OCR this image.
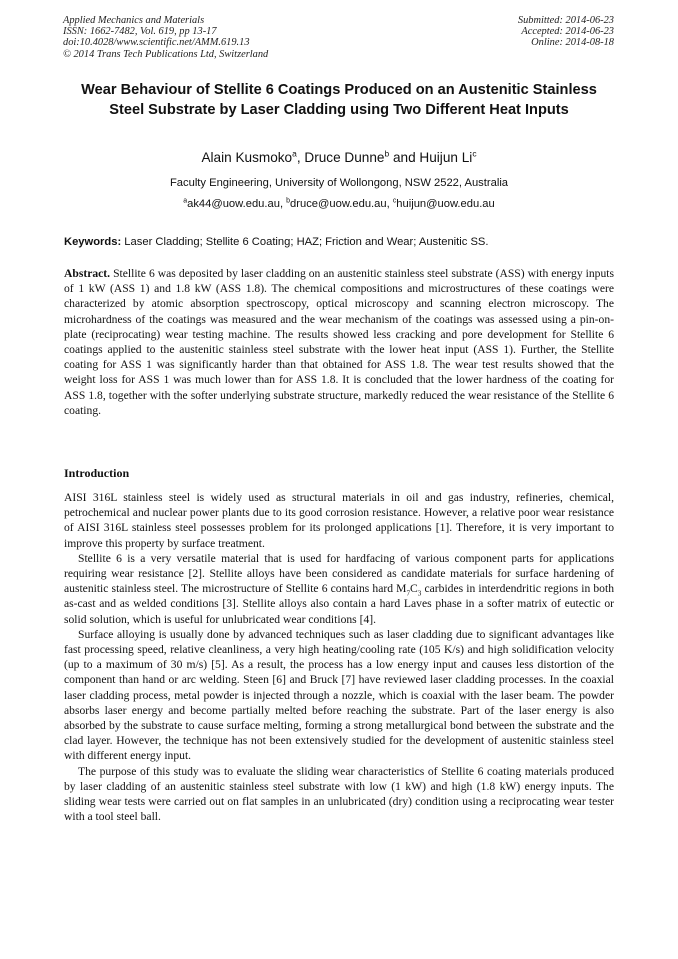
Applied Mechanics and Materials
ISSN: 1662-7482, Vol. 619, pp 13-17
doi:10.4028/www.scientific.net/AMM.619.13
© 2014 Trans Tech Publications Ltd, Switzerland
Submitted: 2014-06-23
Accepted: 2014-06-23
Online: 2014-08-18
Wear Behaviour of Stellite 6 Coatings Produced on an Austenitic Stainless Steel Substrate by Laser Cladding using Two Different Heat Inputs
Alain Kusmoko$^a$, Druce Dunne$^b$ and Huijun Li$^c$
Faculty Engineering, University of Wollongong, NSW 2522, Australia
$^a$ak44@uow.edu.au, $^b$druce@uow.edu.au, $^c$huijun@uow.edu.au
Keywords: Laser Cladding; Stellite 6 Coating; HAZ; Friction and Wear; Austenitic SS.

Abstract. Stellite 6 was deposited by laser cladding on an austenitic stainless steel substrate (ASS) with energy inputs of 1 kW (ASS 1) and 1.8 kW (ASS 1.8). The chemical compositions and microstructures of these coatings were characterized by atomic absorption spectroscopy, optical microscopy and scanning electron microscopy. The microhardness of the coatings was measured and the wear mechanism of the coatings was assessed using a pin-on-plate (reciprocating) wear testing machine. The results showed less cracking and pore development for Stellite 6 coatings applied to the austenitic stainless steel substrate with the lower heat input (ASS 1). Further, the Stellite coating for ASS 1 was significantly harder than that obtained for ASS 1.8. The wear test results showed that the weight loss for ASS 1 was much lower than for ASS 1.8. It is concluded that the lower hardness of the coating for ASS 1.8, together with the softer underlying substrate structure, markedly reduced the wear resistance of the Stellite 6 coating.

Introduction

AISI 316L stainless steel is widely used as structural materials in oil and gas industry, refineries, chemical, petrochemical and nuclear power plants due to its good corrosion resistance. However, a relative poor wear resistance of AISI 316L stainless steel possesses problem for its prolonged applications [1]. Therefore, it is very important to improve this property by surface treatment.

Stellite 6 is a very versatile material that is used for hardfacing of various component parts for applications requiring wear resistance [2]. Stellite alloys have been considered as candidate materials for surface hardening of austenitic stainless steel. The microstructure of Stellite 6 contains hard $M_7C_3$ carbides in interdendritic regions in both as-cast and as welded conditions [3]. Stellite alloys also contain a hard Laves phase in a softer matrix of eutectic or solid solution, which is useful for unlubricated wear conditions [4].

Surface alloying is usually done by advanced techniques such as laser cladding due to significant advantages like fast processing speed, relative cleanliness, a very high heating/cooling rate (105 K/s) and high solidification velocity (up to a maximum of 30 m/s) [5]. As a result, the process has a low energy input and causes less distortion of the component than hand or arc welding. Steen [6] and Bruck [7] have reviewed laser cladding processes. In the coaxial laser cladding process, metal powder is injected through a nozzle, which is coaxial with the laser beam. The powder absorbs laser energy and become partially melted before reaching the substrate. Part of the laser energy is also absorbed by the substrate to cause surface melting, forming a strong metallurgical bond between the substrate and the clad layer. However, the technique has not been extensively studied for the development of austenitic stainless steel with different energy input.

The purpose of this study was to evaluate the sliding wear characteristics of Stellite 6 coating materials produced by laser cladding of an austenitic stainless steel substrate with low (1 kW) and high (1.8 kW) energy inputs. The sliding wear tests were carried out on flat samples in an unlubricated (dry) condition using a reciprocating wear tester with a tool steel ball.
